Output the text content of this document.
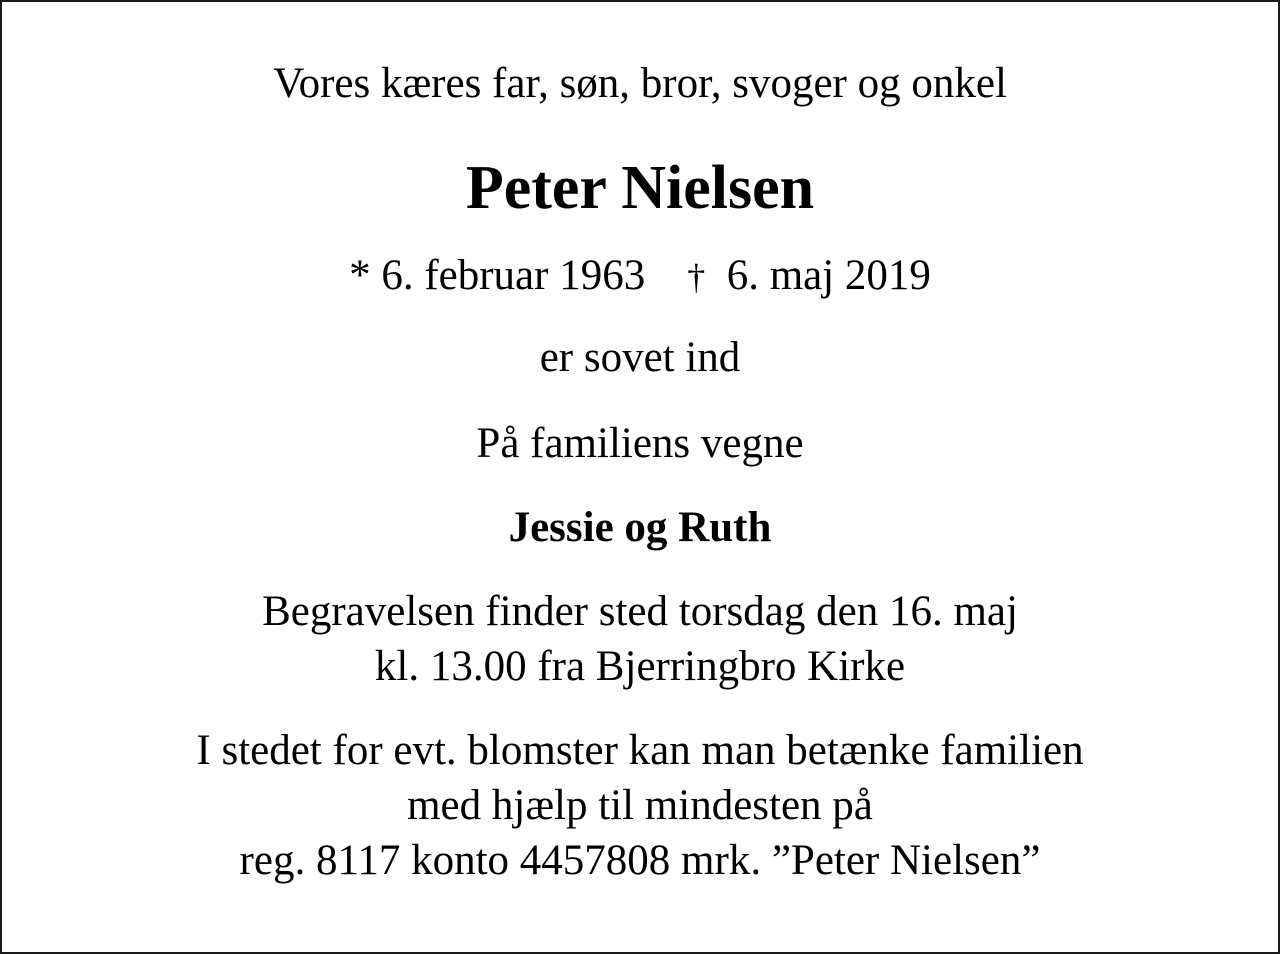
Vores kæres far, søn, bror, svoger og onkel

Peter Nielsen

* 6. februar 1963 † 6. maj 2019

er sovet ind

På familiens vegne

Jessie og Ruth

Begravelsen finder sted torsdag den 16. maj
kl. 13.00 fra Bjerringbro Kirke
I stedet for evt. blomster kan man betænke familien
med hjælp til mindesten på
reg. 8117 konto 4457808 mrk. ”Peter Nielsen”
